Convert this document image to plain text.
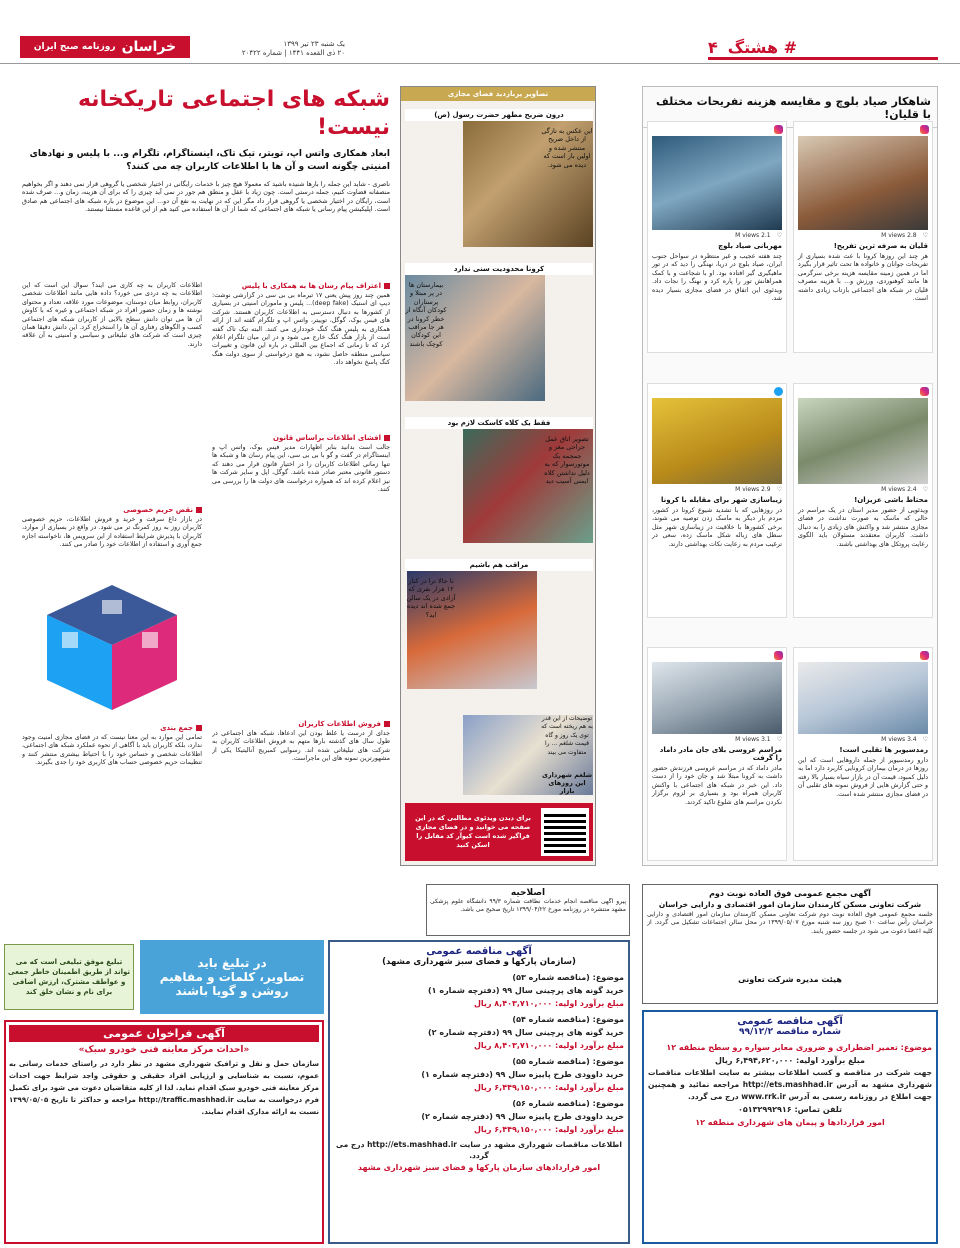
# هشتگ
۴
یک شنبه ۲۳ تیر ۱۳۹۹
۲۰ ذی القعده ۱۴۴۱ | شماره ۲۰۴۲۲
خراسان
روزنامه صبح ایران
شاهکار صیاد بلوچ و مقایسه هزینه تفریحات مختلف با قلیان!
♡
2.8 M views
قلیان به صرفه ترین تفریح!
هر چند این روزها کرونا با عث شده بسیاری از تفریحات جوانان و خانواده ها تحت تاثیر قرار بگیرد اما در همین زمینه مقایسه هزینه برخی سرگرمی ها مانند کوهنوردی، ورزش و... با هزینه مصرف قلیان در شبکه های اجتماعی بازتاب زیادی داشته است.
♡
2.1 M views
مهربانی صیاد بلوچ
چند هفته عجیب و غیر منتظره در سواحل جنوب ایران، صیاد بلوچ در دریا، نهنگی را دید که در تور ماهیگیری گیر افتاده بود. او با شجاعت و با کمک همراهانش تور را پاره کرد و نهنگ را نجات داد. ویدئوی این اتفاق در فضای مجازی بسیار دیده شد.
♡
2.4 M views
محتاط باشی عزیزان!
ویدئویی از حضور مدیر استان در یک مراسم در حالی که ماسک به صورت نداشت در فضای مجازی منتشر شد و واکنش های زیادی را به دنبال داشت. کاربران معتقدند مسئولان باید الگوی رعایت پروتکل های بهداشتی باشند.
♡
2.9 M views
زیباسازی شهر برای مقابله با کرونا
در روزهایی که با تشدید شیوع کرونا در کشور، مردم بار دیگر به ماسک زدن توصیه می شوند، برخی کشورها با خلاقیت در زیباسازی شهر مثل سطل های زباله شکل ماسک زده، سعی در ترغیب مردم به رعایت نکات بهداشتی دارند.
♡
3.4 M views
رمدسیویر ها تقلبی است!
دارو رمدسیویر از جمله داروهایی است که این روزها در درمان بیماران کرونایی کاربرد دارد اما به دلیل کمبود، قیمت آن در بازار سیاه بسیار بالا رفته و حتی گزارش هایی از فروش نمونه های تقلبی آن در فضای مجازی منتشر شده است.
♡
3.1 M views
مراسم عروسی بلای جان مادر داماد را گرفت
مادر داماد که در مراسم عروسی فرزندش حضور داشت به کرونا مبتلا شد و جان خود را از دست داد. این خبر در شبکه های اجتماعی با واکنش کاربران همراه بود و بسیاری بر لزوم برگزار نکردن مراسم های شلوغ تاکید کردند.
تصاویر پربازدید فضای مجازی
درون ضریح مطهر حضرت رسول (ص)
این عکس به تازگی از داخل ضریح منتشر شده و اولین بار است که دیده می شود.
کرونا محدودیت سنی ندارد
بیمارستان ها در پر مبتلا و پرستاران کودکان آنگاه از خطر کرونا در هر جا مراقب این کودکان کوچک باشند
فقط یک کلاه کاسکت لازم بود
تصویر اتاق عمل جراحی مغز و جمجمه یک موتورسوار که به دلیل نداشتن کلاه ایمنی آسیب دید
مراقب هم باشیم
تا حالا ترا در کنار ۱۲ هزار نفری که آزادی در یک سالن جمع شده اند دیده اید؟
توضیحات از این قدر به هم ریخته است که توی یک روز و گاه قیمت شلغم ... را متفاوت می بیند
شلغم شهرداری این روزهای بازار
برای دیدن ویدئوی مطالبی که در این صفحه می خوانید و در فضای مجازی فراگیر شده است کیوآر کد مقابل را اسکن کنید
شبکه های اجتماعی تاریکخانه نیست!
ابعاد همکاری واتس اپ، تویتر، تیک تاک، اینستاگرام، تلگرام و... با پلیس و نهادهای امنیتی چگونه است و آن ها با اطلاعات کاربران چه می کنند؟
ناصری - شاید این جمله را بارها شنیده باشید که معمولا هیچ چیز با خدمات رایگانی در اختیار شخصی یا گروهی قرار نمی دهند و اگر بخواهیم منصفانه قضاوت کنیم، جمله درستی است. چون زیاد با عقل و منطق هم جور در نمی آید چیزی را که برای آن هزینه، زمان و... صرف شده است، رایگان در اختیار شخصی یا گروهی قرار داد مگر این که در نهایت به نفع آن دو... این موضوع در باره شبکه های اجتماعی هم صادق است. اپلیکیشن پیام رسانی یا شبکه های اجتماعی که شما از آن ها استفاده می کنید هم از این قاعده مستثنا نیستند.
اعتراف پیام رسان ها به همکاری با پلیس
همین چند روز پیش یعنی ۱۷ تیرماه بی بی سی در گزارشی نوشت: دیپ ای استیک (deep fake)... پلیس و ماموران امنیتی در بسیاری از کشورها به دنبال دسترسی به اطلاعات کاربران هستند. شرکت های فیس بوک، گوگل، توییتر، واتس اپ و تلگرام گفته اند از ارائه همکاری به پلیس هنگ کنگ خودداری می کنند. البته تیک تاک گفته است از بازار هنگ کنگ خارج می شود و در این میان تلگرام اعلام کرد که تا زمانی که اجماع بین المللی در باره این قانون و تغییرات سیاسی منطقه حاصل نشود، به هیچ درخواستی از سوی دولت هنگ کنگ پاسخ نخواهد داد.
افشای اطلاعات براساس قانون
جالب است بدانید بنابر اظهارات مدیر فیس بوک، واتس اپ و اینستاگرام در گفت و گو با بی بی سی، این پیام رسان ها و شبکه ها تنها زمانی اطلاعات کاربران را در اختیار قانون قرار می دهند که دستور قانونی معتبر صادر شده باشد. گوگل، اپل و سایر شرکت ها نیز اعلام کرده اند که همواره درخواست های دولت ها را بررسی می کنند.
فروش اطلاعات کاربران
جدای از درست یا غلط بودن این ادعاها، شبکه های اجتماعی در طول سال های گذشته بارها متهم به فروش اطلاعات کاربران به شرکت های تبلیغاتی شده اند. رسوایی کمبریج آنالیتیکا یکی از مشهورترین نمونه های این ماجراست.
اطلاعات کاربران به چه کاری می آیند؟ سوال این است که این اطلاعات به چه دردی می خورد؟ داده هایی مانند اطلاعات شخصی کاربران، روابط میان دوستان، موضوعات مورد علاقه، تعداد و محتوای نوشته ها و زمان حضور افراد در شبکه اجتماعی و غیره که با کاوش آن ها می توان دانش سطح بالایی از کاربران شبکه های اجتماعی کسب و الگوهای رفتاری آن ها را استخراج کرد. این دانش دقیقا همان چیزی است که شرکت های تبلیغاتی و سیاسی و امنیتی به آن علاقه دارند.
نقض حریم خصوصی
در بازار داغ سرقت و خرید و فروش اطلاعات، حریم خصوصی کاربران روز به روز کمرنگ تر می شود. در واقع در بسیاری از موارد، کاربران با پذیرش شرایط استفاده از این سرویس ها، ناخواسته اجازه جمع آوری و استفاده از اطلاعات خود را صادر می کنند.
جمع بندی
تمامی این موارد به این معنا نیست که در فضای مجازی امنیت وجود ندارد، بلکه کاربران باید با آگاهی از نحوه عملکرد شبکه های اجتماعی، اطلاعات شخصی و حساس خود را با احتیاط بیشتری منتشر کنند و تنظیمات حریم خصوصی حساب های کاربری خود را جدی بگیرند.
آگهی مجمع عمومی فوق العاده نوبت دوم
شرکت تعاونی مسکن کارمندان سازمان امور اقتصادی و دارایی خراسان
جلسه مجمع عمومی فوق العاده نوبت دوم شرکت تعاونی مسکن کارمندان سازمان امور اقتصادی و دارایی خراسان رأس ساعت ۱۰ صبح روز سه شنبه مورخ ۱۳۹۹/۰۵/۰۷ در محل سالن اجتماعات تشکیل می گردد. از کلیه اعضا دعوت می شود در جلسه حضور یابند.
هیئت مدیره شرکت تعاونی
اصلاحیه
پیرو آگهی مناقصه انجام خدمات نظافت شماره ۹۹/۳ دانشگاه علوم پزشکی مشهد منتشره در روزنامه مورخ ۱۳۹۹/۰۴/۲۲ تاریخ صحیح می باشد.
آگهی مناقصه عمومی
(سازمان پارکها و فضای سبز شهرداری مشهد)
موضوع: (مناقصه شماره ۵۳)
خرید گونه های پرچینی سال ۹۹ (دفترچه شماره ۱)
مبلغ برآورد اولیه: ۸,۴۰۳,۷۱۰,۰۰۰ ریال
موضوع: (مناقصه شماره ۵۴)
خرید گونه های پرچینی سال ۹۹ (دفترچه شماره ۲)
مبلغ برآورد اولیه: ۸,۴۰۳,۷۱۰,۰۰۰ ریال
موضوع: (مناقصه شماره ۵۵)
خرید داوودی طرح پاییزه سال ۹۹ (دفترچه شماره ۱)
مبلغ برآورد اولیه: ۶,۴۴۹,۱۵۰,۰۰۰ ریال
موضوع: (مناقصه شماره ۵۶)
خرید داوودی طرح پاییزه سال ۹۹ (دفترچه شماره ۲)
مبلغ برآورد اولیه: ۶,۴۴۹,۱۵۰,۰۰۰ ریال
اطلاعات مناقصات شهرداری مشهد در سایت http://ets.mashhad.ir درج می گردد.
امور قراردادهای سازمان پارکها و فضای سبز شهرداری مشهد
تبلیغ موفق تبلیغی است که می تواند از طریق اطمینان خاطر جمعی و عواطف مشترک، ارزش اضافی برای نام و نشان خلق کند
در تبلیغ باید
تصاویر، کلمات و مفاهیم
روشن و گویا باشند
آگهی فراخوان عمومی
«احداث مرکز معاینه فنی خودرو سبک»
سازمان حمل و نقل و ترافیک شهرداری مشهد در نظر دارد در راستای خدمات رسانی به عموم، نسبت به شناسایی و ارزیابی افراد حقیقی و حقوقی واجد شرایط جهت احداث مرکز معاینه فنی خودرو سبک اقدام نماید. لذا از کلیه متقاضیان دعوت می شود برای تکمیل فرم درخواست به سایت http://traffic.mashhad.ir مراجعه و حداکثر تا تاریخ ۱۳۹۹/۰۵/۰۵ نسبت به ارائه مدارک اقدام نمایند.
آگهی مناقصه عمومی
شماره مناقصه ۹۹/۱۲/۲
موضوع: تعمیر اضطراری و ضروری معابر سواره رو سطح منطقه ۱۲
مبلغ برآورد اولیه: ۶,۴۹۴,۶۲۰,۰۰۰ ریال
جهت شرکت در مناقصه و کسب اطلاعات بیشتر به سایت اطلاعات مناقصات شهرداری مشهد به آدرس http://ets.mashhad.ir مراجعه نمائید و همچنین جهت اطلاع در روزنامه رسمی به آدرس www.rrk.ir درج می گردد.
تلفن تماس: ۰۵۱۳۲۹۹۲۹۱۶
امور قراردادها و پیمان های شهرداری منطقه ۱۲
